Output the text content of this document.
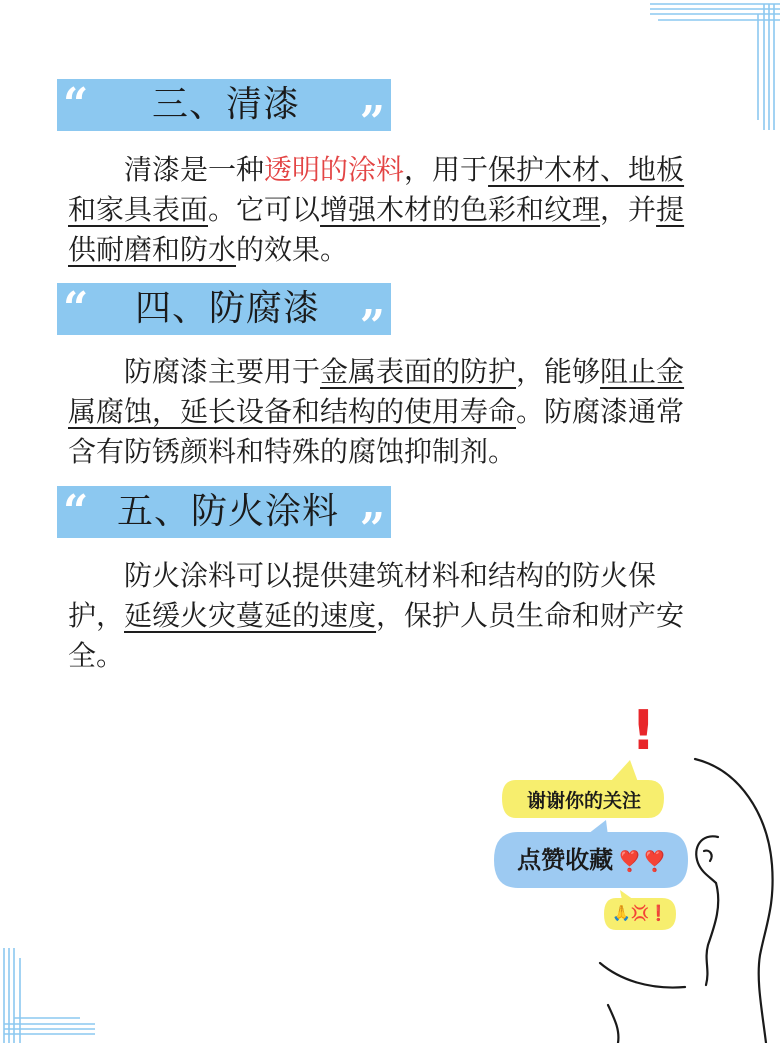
“ 三、清漆 ”
清漆是一种透明的涂料，用于保护木材、地板和家具表面。它可以增强木材的色彩和纹理，并提供耐磨和防水的效果。
“ 四、防腐漆 ”
防腐漆主要用于金属表面的防护，能够阻止金属腐蚀，延长设备和结构的使用寿命。防腐漆通常含有防锈颜料和特殊的腐蚀抑制剂。
“ 五、防火涂料 ”
防火涂料可以提供建筑材料和结构的防火保护，延缓火灾蔓延的速度，保护人员生命和财产安全。
!
谢谢你的关注
点赞收藏 ❣️❣️
🙏💢❗
